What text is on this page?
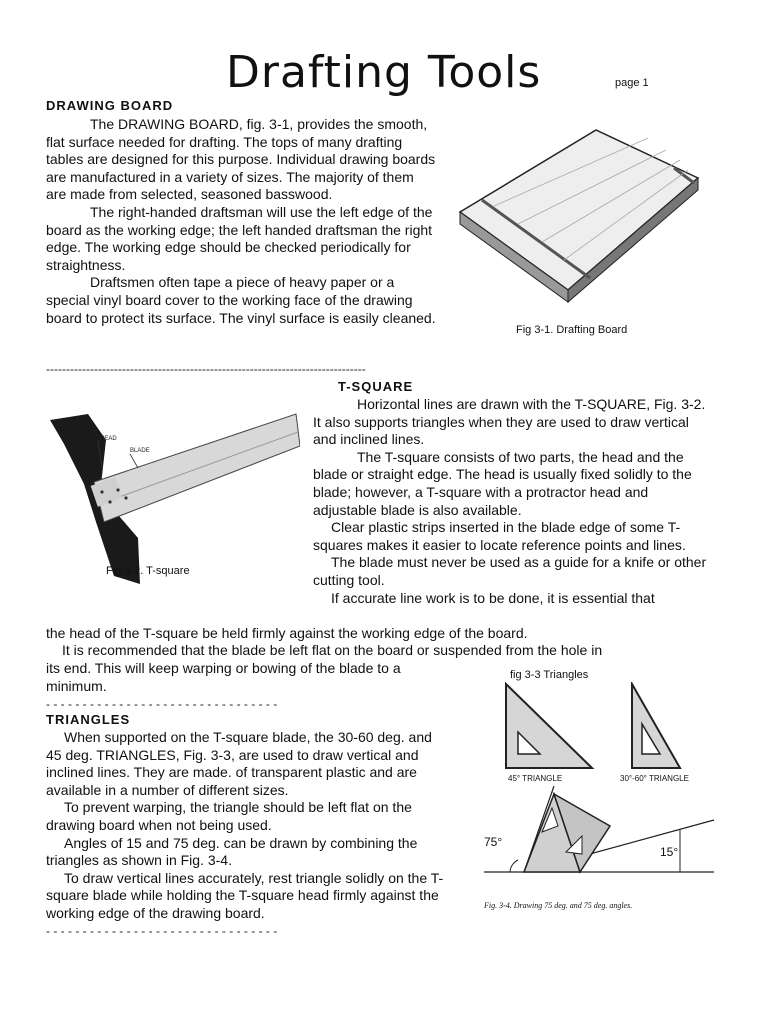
Drafting Tools	page 1
DRAWING BOARD

The DRAWING BOARD, fig. 3-1, provides the smooth, flat surface needed for drafting. The tops of many drafting tables are designed for this purpose. Individual drawing boards are manufactured in a variety of sizes. The majority of them are made from selected, seasoned basswood.

The right-handed draftsman will use the left edge of the board as the working edge; the left handed draftsman the right edge. The working edge should be checked periodically for straightness.

Draftsmen often tape a piece of heavy paper or a special vinyl board cover to the working face of the drawing board to protect its surface. The vinyl surface is easily cleaned.

Fig 3-1. Drafting Board
--------------------------------------------------------------------------------
T-SQUARE
HEAD
BLADE
Fig 3-2. T-square

Horizontal lines are drawn with the T-SQUARE, Fig. 3-2. It also supports triangles when they are used to draw vertical and inclined lines.

The T-square consists of two parts, the head and the blade or straight edge. The head is usually fixed solidly to the blade; however, a T-square with a protractor head and adjustable blade is also available.

Clear plastic strips inserted in the blade edge of some T-squares makes it easier to locate reference points and lines.

The blade must never be used as a guide for a knife or other cutting tool.

If accurate line work is to be done, it is essential that

the head of the T-square be held firmly against the working edge of the board.
It is recommended that the blade be left flat on the board or suspended from the hole in
its end. This will keep warping or bowing of the blade to a minimum.
- - - - - - - - - - - - - - - - - - - - - - - - - - - - - - - -
TRIANGLES

When supported on the T-square blade, the 30-60 deg. and 45 deg. TRIANGLES, Fig. 3-3, are used to draw vertical and inclined lines. They are made. of transparent plastic and are available in a number of different sizes.

To prevent warping, the triangle should be left flat on the drawing board when not being used.

Angles of 15 and 75 deg. can be drawn by combining the triangles as shown in Fig. 3-4.

To draw vertical lines accurately, rest triangle solidly on the T-square blade while holding the T-square head firmly against the working edge of the drawing board.

- - - - - - - - - - - - - - - - - - - - - - - - - - - - - - - -
fig 3-3 Triangles
45° TRIANGLE	30°-60° TRIANGLE
75°
15°
Fig. 3-4. Drawing 75 deg. and 75 deg. angles.
